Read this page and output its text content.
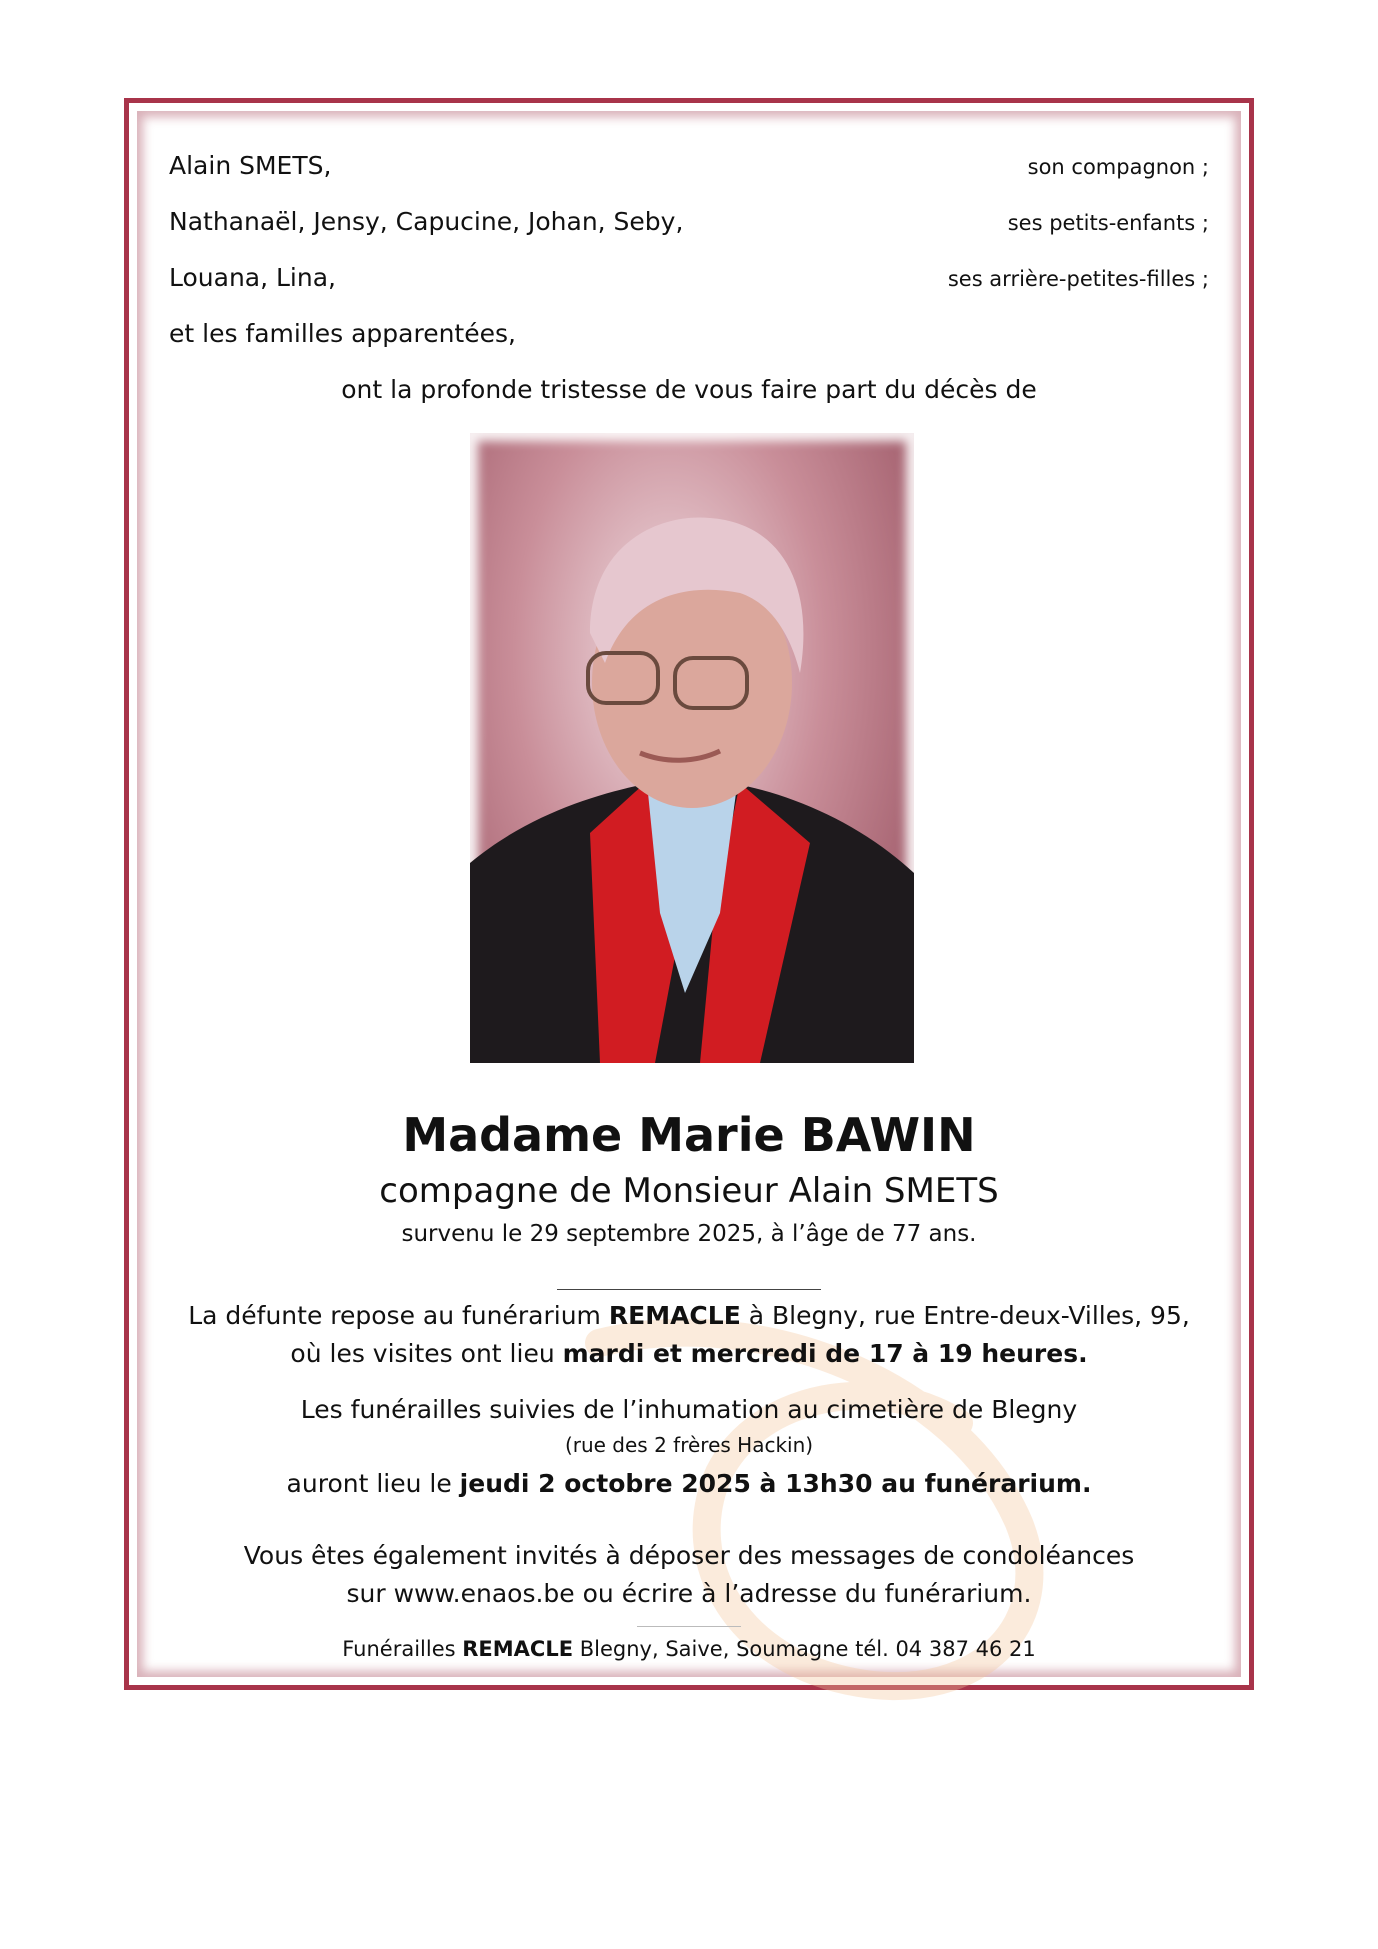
Alain SMETS,	son compagnon ;
Nathanaël, Jensy, Capucine, Johan, Seby,	ses petits-enfants ;
Louana, Lina,	ses arrière-petites-filles ;
et les familles apparentées,
ont la profonde tristesse de vous faire part du décès de
Madame Marie BAWIN
compagne de Monsieur Alain SMETS
survenu le 29 septembre 2025, à l’âge de 77 ans.
La défunte repose au funérarium REMACLE à Blegny, rue Entre-deux-Villes, 95,
où les visites ont lieu mardi et mercredi de 17 à 19 heures.
Les funérailles suivies de l’inhumation au cimetière de Blegny
(rue des 2 frères Hackin)
auront lieu le jeudi 2 octobre 2025 à 13h30 au funérarium.
Vous êtes également invités à déposer des messages de condoléances
sur www.enaos.be ou écrire à l’adresse du funérarium.
Funérailles REMACLE Blegny, Saive, Soumagne tél. 04 387 46 21
